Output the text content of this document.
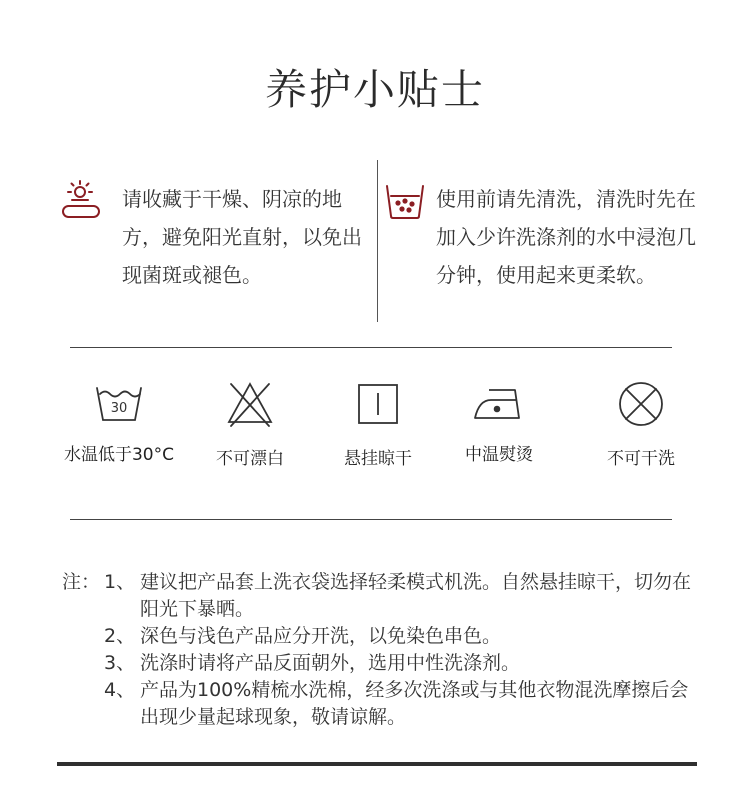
养护小贴士
请收藏于干燥、阴凉的地方，避免阳光直射，以免出现菌斑或褪色。
使用前请先清洗，清洗时先在加入少许洗涤剂的水中浸泡几分钟，使用起来更柔软。
30
水温低于30°C	不可漂白	悬挂晾干	中温熨烫	不可干洗
注： 1、 建议把产品套上洗衣袋选择轻柔模式机洗。自然悬挂晾干，切勿在阳光下暴晒。
2、 深色与浅色产品应分开洗，以免染色串色。
3、 洗涤时请将产品反面朝外，选用中性洗涤剂。
4、 产品为100%精梳水洗棉，经多次洗涤或与其他衣物混洗摩擦后会出现少量起球现象，敬请谅解。
